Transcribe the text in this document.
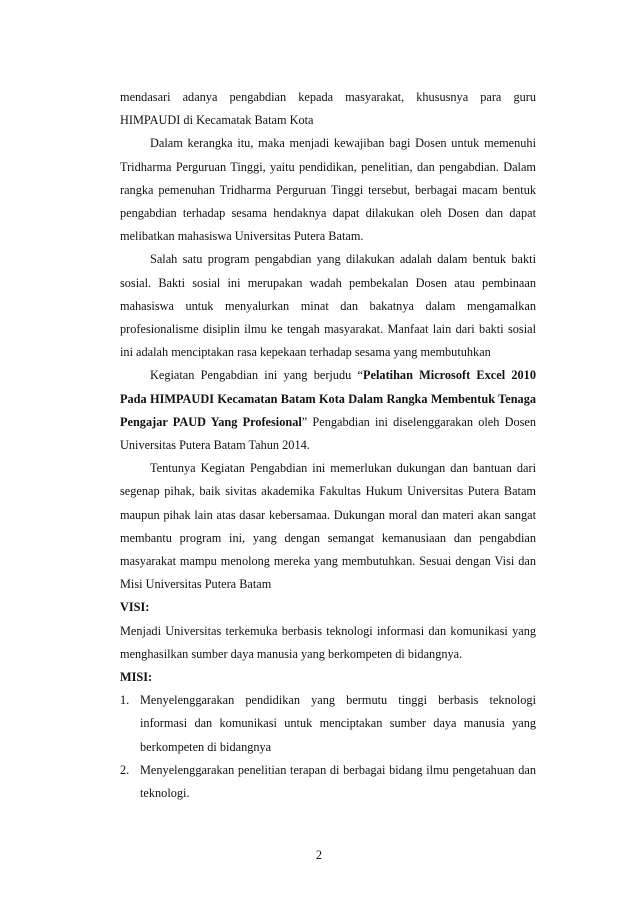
mendasari adanya pengabdian kepada masyarakat, khususnya para guru HIMPAUDI di Kecamatak Batam Kota

Dalam kerangka itu, maka menjadi kewajiban bagi Dosen untuk memenuhi Tridharma Perguruan Tinggi, yaitu pendidikan, penelitian, dan pengabdian. Dalam rangka pemenuhan Tridharma Perguruan Tinggi tersebut, berbagai macam bentuk pengabdian terhadap sesama hendaknya dapat dilakukan oleh Dosen dan dapat melibatkan mahasiswa Universitas Putera Batam.

Salah satu program pengabdian yang dilakukan adalah dalam bentuk bakti sosial. Bakti sosial ini merupakan wadah pembekalan Dosen atau pembinaan mahasiswa untuk menyalurkan minat dan bakatnya dalam mengamalkan profesionalisme disiplin ilmu ke tengah masyarakat. Manfaat lain dari bakti sosial ini adalah menciptakan rasa kepekaan terhadap sesama yang membutuhkan

Kegiatan Pengabdian ini yang berjudu “Pelatihan Microsoft Excel 2010 Pada HIMPAUDI Kecamatan Batam Kota Dalam Rangka Membentuk Tenaga Pengajar PAUD Yang Profesional” Pengabdian ini diselenggarakan oleh Dosen Universitas Putera Batam Tahun 2014.

Tentunya Kegiatan Pengabdian ini memerlukan dukungan dan bantuan dari segenap pihak, baik sivitas akademika Fakultas Hukum Universitas Putera Batam maupun pihak lain atas dasar kebersamaa. Dukungan moral dan materi akan sangat membantu program ini, yang dengan semangat kemanusiaan dan pengabdian masyarakat mampu menolong mereka yang membutuhkan. Sesuai dengan Visi dan Misi Universitas Putera Batam

VISI:

Menjadi Universitas terkemuka berbasis teknologi informasi dan komunikasi yang menghasilkan sumber daya manusia yang berkompeten di bidangnya.

MISI:

1. Menyelenggarakan pendidikan yang bermutu tinggi berbasis teknologi informasi dan komunikasi untuk menciptakan sumber daya manusia yang berkompeten di bidangnya
2. Menyelenggarakan penelitian terapan di berbagai bidang ilmu pengetahuan dan teknologi.
2
